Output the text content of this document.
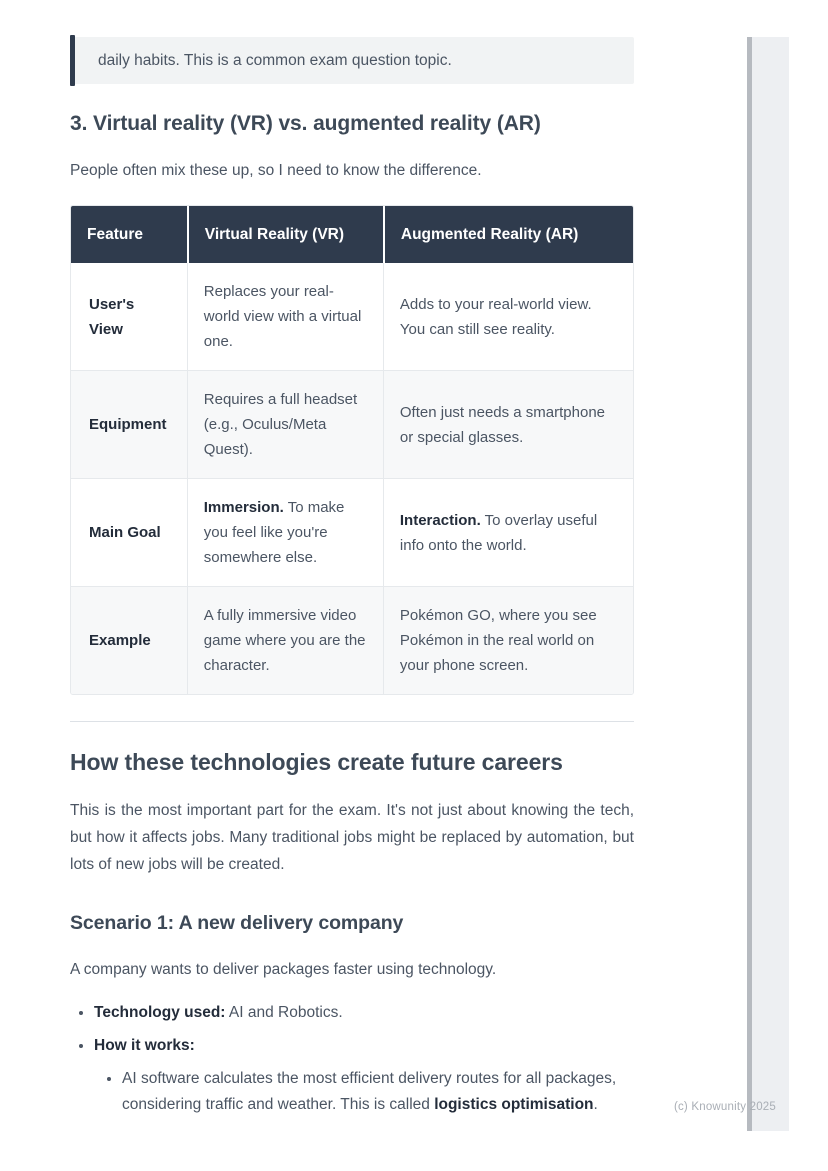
daily habits. This is a common exam question topic.

3. Virtual reality (VR) vs. augmented reality (AR)

People often mix these up, so I need to know the difference.

Feature	Virtual Reality (VR)	Augmented Reality (AR)
User's View	Replaces your real-world view with a virtual one.	Adds to your real-world view. You can still see reality.
Equipment	Requires a full headset (e.g., Oculus/Meta Quest).	Often just needs a smartphone or special glasses.
Main Goal	Immersion. To make you feel like you're somewhere else.	Interaction. To overlay useful info onto the world.
Example	A fully immersive video game where you are the character.	Pokémon GO, where you see Pokémon in the real world on your phone screen.
How these technologies create future careers

This is the most important part for the exam. It's not just about knowing the tech, but how it affects jobs. Many traditional jobs might be replaced by automation, but lots of new jobs will be created.

Scenario 1: A new delivery company

A company wants to deliver packages faster using technology.

• Technology used: AI and Robotics.
• How it works:
• AI software calculates the most efficient delivery routes for all packages, considering traffic and weather. This is called logistics optimisation.	(c) Knowunity 2025
